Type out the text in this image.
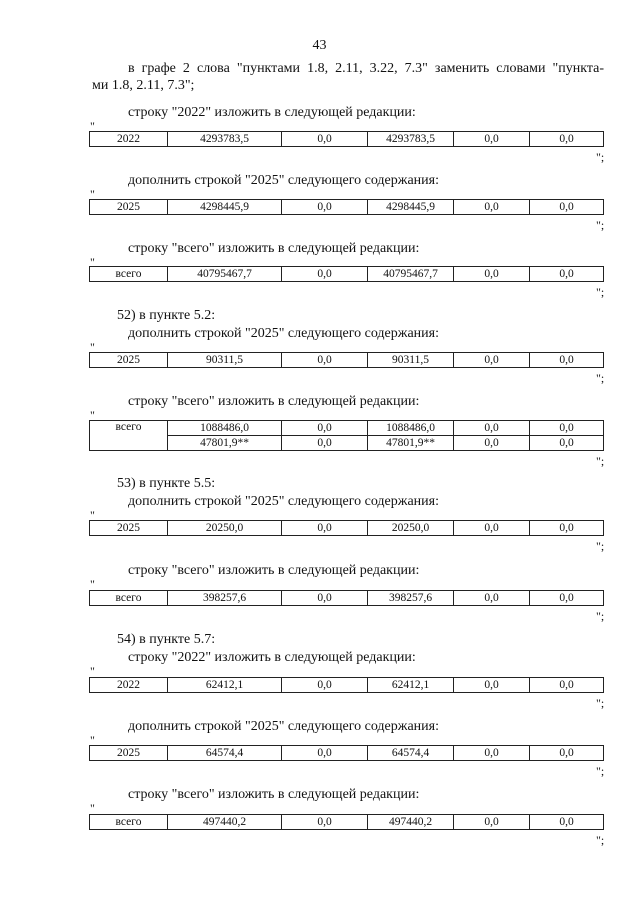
43
в графе 2 слова "пунктами 1.8, 2.11, 3.22, 7.3" заменить словами "пункта-
ми 1.8, 2.11, 7.3";
строку "2022" изложить в следующей редакции:
"
2022	4293783,5	0,0	4293783,5	0,0	0,0
";
дополнить строкой "2025" следующего содержания:
"
2025	4298445,9	0,0	4298445,9	0,0	0,0
";
строку "всего" изложить в следующей редакции:
"
всего	40795467,7	0,0	40795467,7	0,0	0,0
";
52) в пункте 5.2:
дополнить строкой "2025" следующего содержания:
"
2025	90311,5	0,0	90311,5	0,0	0,0
";
строку "всего" изложить в следующей редакции:
"
всего	1088486,0	0,0	1088486,0	0,0	0,0
	47801,9**	0,0	47801,9**	0,0	0,0
";
53) в пункте 5.5:
дополнить строкой "2025" следующего содержания:
"
2025	20250,0	0,0	20250,0	0,0	0,0
";
строку "всего" изложить в следующей редакции:
"
всего	398257,6	0,0	398257,6	0,0	0,0
";
54) в пункте 5.7:
строку "2022" изложить в следующей редакции:
"
2022	62412,1	0,0	62412,1	0,0	0,0
";
дополнить строкой "2025" следующего содержания:
"
2025	64574,4	0,0	64574,4	0,0	0,0
";
строку "всего" изложить в следующей редакции:
"
всего	497440,2	0,0	497440,2	0,0	0,0
";
